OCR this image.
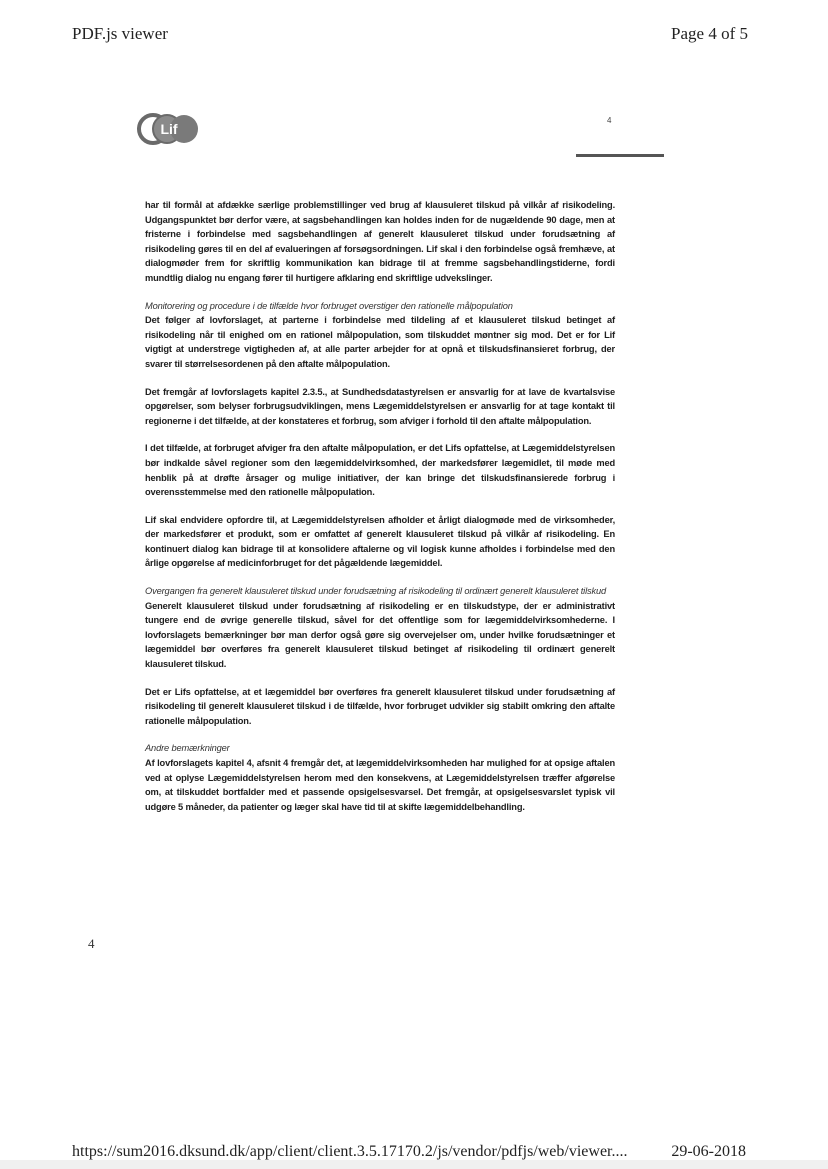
PDF.js viewer	Page 4 of 5
Lif
4

har til formål at afdække særlige problemstillinger ved brug af klausuleret tilskud på vilkår af risikodeling. Udgangspunktet bør derfor være, at sagsbehandlingen kan holdes inden for de nugældende 90 dage, men at fristerne i forbindelse med sagsbehandlingen af generelt klausuleret tilskud under forudsætning af risikodeling gøres til en del af evalueringen af forsøgsordningen. Lif skal i den forbindelse også fremhæve, at dialogmøder frem for skriftlig kommunikation kan bidrage til at fremme sagsbehandlingstiderne, fordi mundtlig dialog nu engang fører til hurtigere afklaring end skriftlige udvekslinger.

Monitorering og procedure i de tilfælde hvor forbruget overstiger den rationelle målpopulation

Det følger af lovforslaget, at parterne i forbindelse med tildeling af et klausuleret tilskud betinget af risikodeling når til enighed om en rationel målpopulation, som tilskuddet møntner sig mod. Det er for Lif vigtigt at understrege vigtigheden af, at alle parter arbejder for at opnå et tilskudsfinansieret forbrug, der svarer til størrelsesordenen på den aftalte målpopulation.

Det fremgår af lovforslagets kapitel 2.3.5., at Sundhedsdatastyrelsen er ansvarlig for at lave de kvartalsvise opgørelser, som belyser forbrugsudviklingen, mens Lægemiddelstyrelsen er ansvarlig for at tage kontakt til regionerne i det tilfælde, at der konstateres et forbrug, som afviger i forhold til den aftalte målpopulation.

I det tilfælde, at forbruget afviger fra den aftalte målpopulation, er det Lifs opfattelse, at Lægemiddelstyrelsen bør indkalde såvel regioner som den lægemiddelvirksomhed, der markedsfører lægemidlet, til møde med henblik på at drøfte årsager og mulige initiativer, der kan bringe det tilskudsfinansierede forbrug i overensstemmelse med den rationelle målpopulation.

Lif skal endvidere opfordre til, at Lægemiddelstyrelsen afholder et årligt dialogmøde med de virksomheder, der markedsfører et produkt, som er omfattet af generelt klausuleret tilskud på vilkår af risikodeling. En kontinuert dialog kan bidrage til at konsolidere aftalerne og vil logisk kunne afholdes i forbindelse med den årlige opgørelse af medicinforbruget for det pågældende lægemiddel.

Overgangen fra generelt klausuleret tilskud under forudsætning af risikodeling til ordinært generelt klausuleret tilskud

Generelt klausuleret tilskud under forudsætning af risikodeling er en tilskudstype, der er administrativt tungere end de øvrige generelle tilskud, såvel for det offentlige som for lægemiddelvirksomhederne. I lovforslagets bemærkninger bør man derfor også gøre sig overvejelser om, under hvilke forudsætninger et lægemiddel bør overføres fra generelt klausuleret tilskud betinget af risikodeling til ordinært generelt klausuleret tilskud.

Det er Lifs opfattelse, at et lægemiddel bør overføres fra generelt klausuleret tilskud under forudsætning af risikodeling til generelt klausuleret tilskud i de tilfælde, hvor forbruget udvikler sig stabilt omkring den aftalte rationelle målpopulation.

Andre bemærkninger

Af lovforslagets kapitel 4, afsnit 4 fremgår det, at lægemiddelvirksomheden har mulighed for at opsige aftalen ved at oplyse Lægemiddelstyrelsen herom med den konsekvens, at Lægemiddelstyrelsen træffer afgørelse om, at tilskuddet bortfalder med et passende opsigelsesvarsel. Det fremgår, at opsigelsesvarslet typisk vil udgøre 5 måneder, da patienter og læger skal have tid til at skifte lægemiddelbehandling.

4
https://sum2016.dksund.dk/app/client/client.3.5.17170.2/js/vendor/pdfjs/web/viewer....	29-06-2018
